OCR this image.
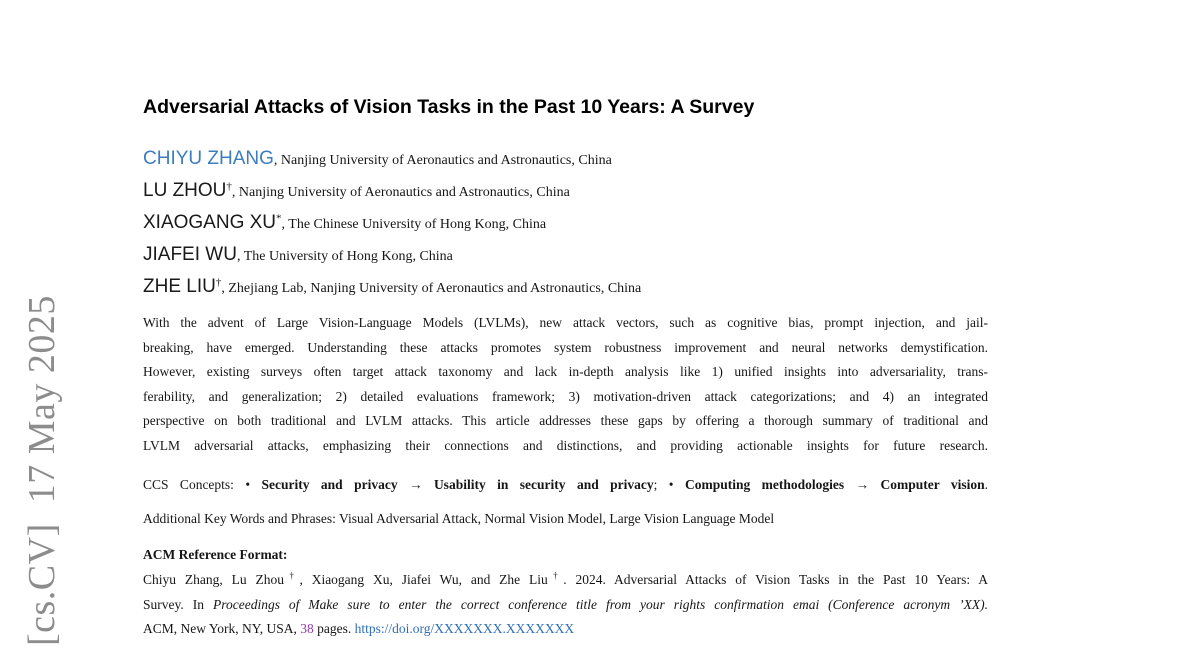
[cs.CV]  17 May 2025
Adversarial Attacks of Vision Tasks in the Past 10 Years: A Survey
CHIYU ZHANG, Nanjing University of Aeronautics and Astronautics, China
LU ZHOU†, Nanjing University of Aeronautics and Astronautics, China
XIAOGANG XU*, The Chinese University of Hong Kong, China
JIAFEI WU, The University of Hong Kong, China
ZHE LIU†, Zhejiang Lab, Nanjing University of Aeronautics and Astronautics, China
With the advent of Large Vision-Language Models (LVLMs), new attack vectors, such as cognitive bias, prompt injection, and jail-
breaking, have emerged. Understanding these attacks promotes system robustness improvement and neural networks demystification.
However, existing surveys often target attack taxonomy and lack in-depth analysis like 1) unified insights into adversariality, trans-
ferability, and generalization; 2) detailed evaluations framework; 3) motivation-driven attack categorizations; and 4) an integrated
perspective on both traditional and LVLM attacks. This article addresses these gaps by offering a thorough summary of traditional and
LVLM adversarial attacks, emphasizing their connections and distinctions, and providing actionable insights for future research.
CCS Concepts: • Security and privacy → Usability in security and privacy; • Computing methodologies → Computer vision.
Additional Key Words and Phrases: Visual Adversarial Attack, Normal Vision Model, Large Vision Language Model
ACM Reference Format:
Chiyu Zhang, Lu Zhou†, Xiaogang Xu, Jiafei Wu, and Zhe Liu†. 2024. Adversarial Attacks of Vision Tasks in the Past 10 Years: A
Survey. In Proceedings of Make sure to enter the correct conference title from your rights confirmation emai (Conference acronym ’XX).
ACM, New York, NY, USA, 38 pages. https://doi.org/XXXXXXX.XXXXXXX
